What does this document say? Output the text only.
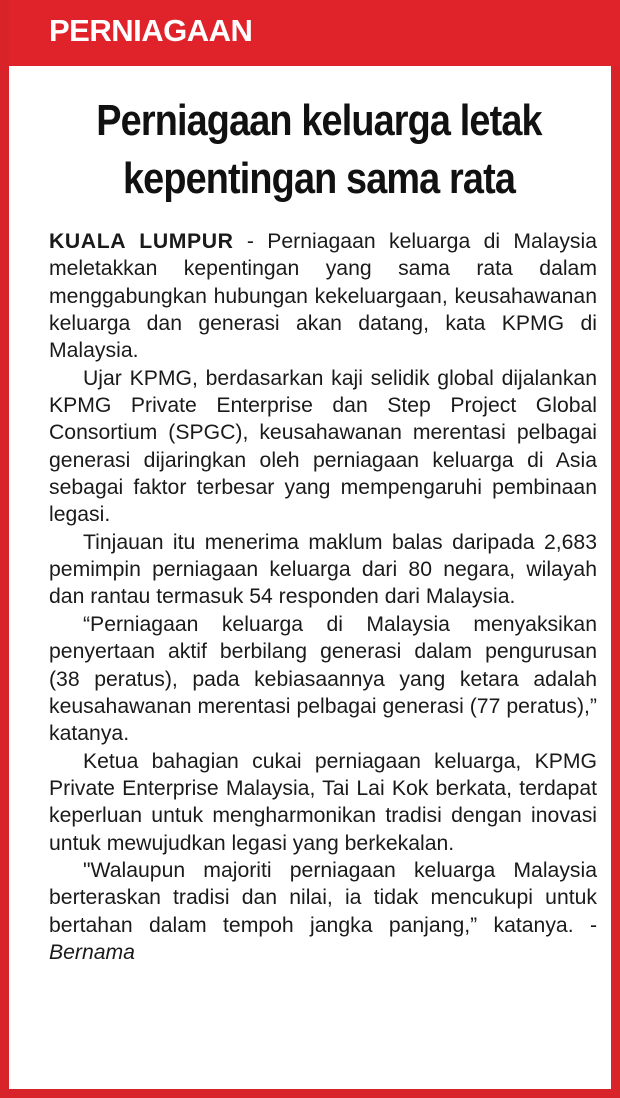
PERNIAGAAN
Perniagaan keluarga letak kepentingan sama rata

KUALA LUMPUR - Perniagaan keluarga di Malaysia meletakkan kepentingan yang sama rata dalam menggabungkan hubungan kekeluargaan, keusahawanan keluarga dan generasi akan datang, kata KPMG di Malaysia.

Ujar KPMG, berdasarkan kaji selidik global dijalankan KPMG Private Enterprise dan Step Project Global Consortium (SPGC), keusahawanan merentasi pelbagai generasi dijaringkan oleh perniagaan keluarga di Asia sebagai faktor terbesar yang mempengaruhi pembinaan legasi.

Tinjauan itu menerima maklum balas daripada 2,683 pemimpin perniagaan keluarga dari 80 negara, wilayah dan rantau termasuk 54 responden dari Malaysia.

“Perniagaan keluarga di Malaysia menyaksikan penyertaan aktif berbilang generasi dalam pengurusan (38 peratus), pada kebiasaannya yang ketara adalah keusahawanan merentasi pelbagai generasi (77 peratus),” katanya.

Ketua bahagian cukai perniagaan keluarga, KPMG Private Enterprise Malaysia, Tai Lai Kok berkata, terdapat keperluan untuk mengharmonikan tradisi dengan inovasi untuk mewujudkan legasi yang berkekalan.

"Walaupun majoriti perniagaan keluarga Malaysia berteraskan tradisi dan nilai, ia tidak mencukupi untuk bertahan dalam tempoh jangka panjang,” katanya. - Bernama
